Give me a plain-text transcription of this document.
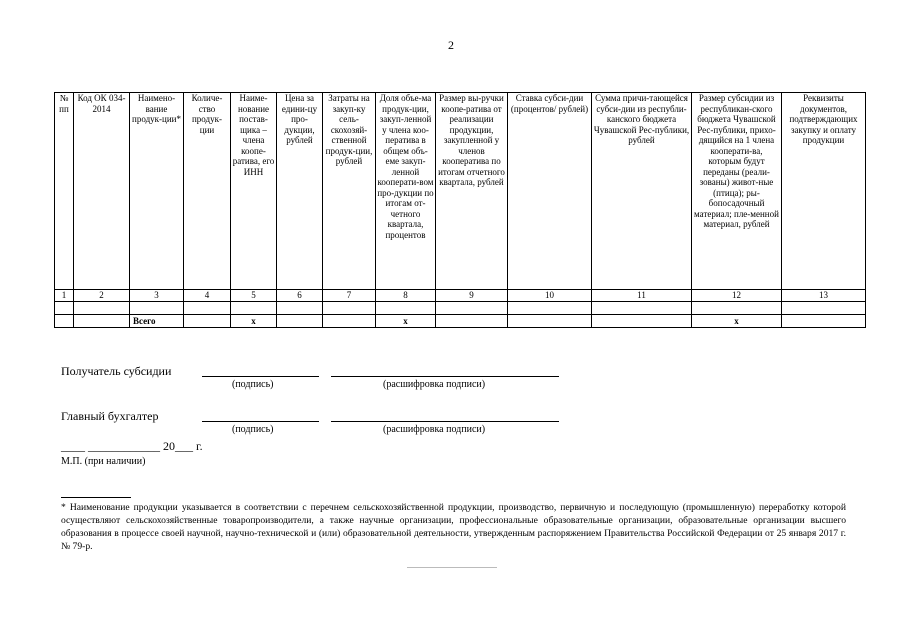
2
№ пп	Код ОК 034-2014	Наимено-вание продук-ции*	Количе-ство продук-ции	Наиме-нование постав-щика – члена коопе-ратива, его ИНН	Цена за едини-цу про-дукции, рублей	Затраты на закуп-ку сель-скохозяй-ственной продук-ции, рублей	Доля объе-ма продук-ции, закуп-ленной у члена коо-ператива в общем объ-еме закуп-ленной кооперати-вом про-дукции по итогам от-четного квартала, процентов	Размер вы-ручки коопе-ратива от реализации продукции, закупленной у членов кооператива по итогам отчетного квартала, рублей	Ставка субси-дии (процентов/ рублей)	Сумма причи-тающейся субси-дии из республи-канского бюджета Чувашской Рес-публики, рублей	Размер субсидии из республикан-ского бюджета Чувашской Рес-публики, прихо-дящийся на 1 члена кооперати-ва, которым будут переданы (реали-зованы) живот-ные (птица); ры-бопосадочный материал; пле-менной материал, рублей	Реквизиты документов, подтверждающих закупку и оплату продукции
1	2	3	4	5	6	7	8	9	10	11	12	13

		Всего		x			x				x	
Получатель субсидии
(подпись)	(расшифровка подписи)
Главный бухгалтер
(подпись)	(расшифровка подписи)
____ ____________ 20___ г.
М.П. (при наличии)
* Наименование продукции указывается в соответствии с перечнем сельскохозяйственной продукции, производство, первичную и последующую (промышленную) переработку которой осуществляют сельскохозяйственные товаропроизводители, а также научные организации, профессиональные образовательные организации, образовательные организации высшего образования в процессе своей научной, научно-технической и (или) образовательной деятельности, утвержденным распоряжением Правительства Российской Федерации от 25 января 2017 г. № 79-р.
